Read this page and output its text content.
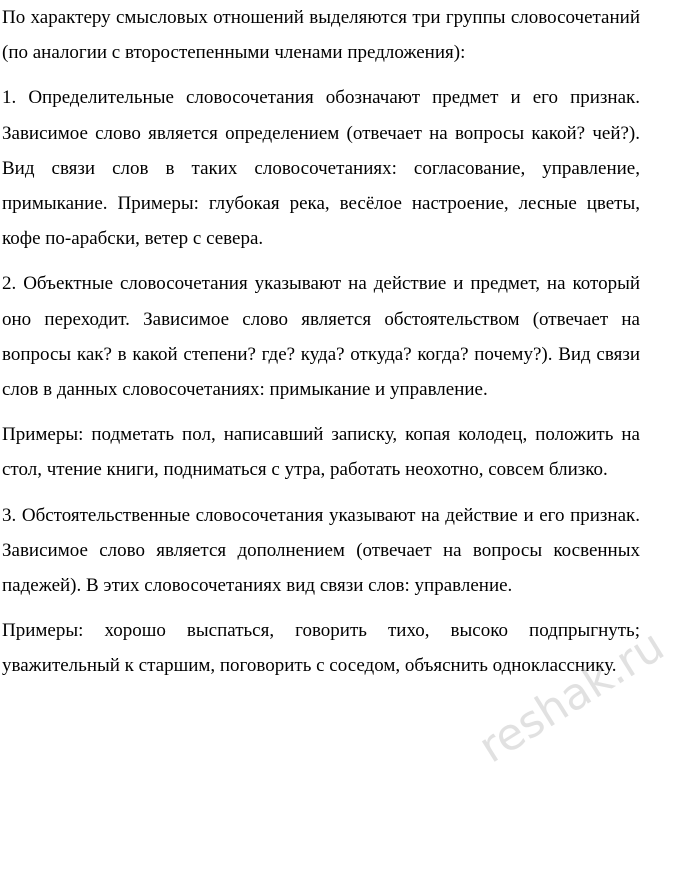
По характеру смысловых отношений выделяются три группы словосочетаний (по аналогии с второстепенными членами предложения):

1. Определительные словосочетания обозначают предмет и его признак. Зависимое слово является определением (отвечает на вопросы какой? чей?). Вид связи слов в таких словосочетаниях: согласование, управление, примыкание. Примеры: глубокая река, весёлое настроение, лесные цветы, кофе по-арабски, ветер с севера.

2. Объектные словосочетания указывают на действие и предмет, на который оно переходит. Зависимое слово является обстоятельством (отвечает на вопросы как? в какой степени? где? куда? откуда? когда? почему?). Вид связи слов в данных словосочетаниях: примыкание и управление.

Примеры: подметать пол, написавший записку, копая колодец, положить на стол, чтение книги, подниматься с утра, работать неохотно, совсем близко.

3. Обстоятельственные словосочетания указывают на действие и его признак. Зависимое слово является дополнением (отвечает на вопросы косвенных падежей). В этих словосочетаниях вид связи слов: управление.

Примеры: хорошо выспаться, говорить тихо, высоко подпрыгнуть; уважительный к старшим, поговорить с соседом, объяснить однокласснику.

reshak.ru
